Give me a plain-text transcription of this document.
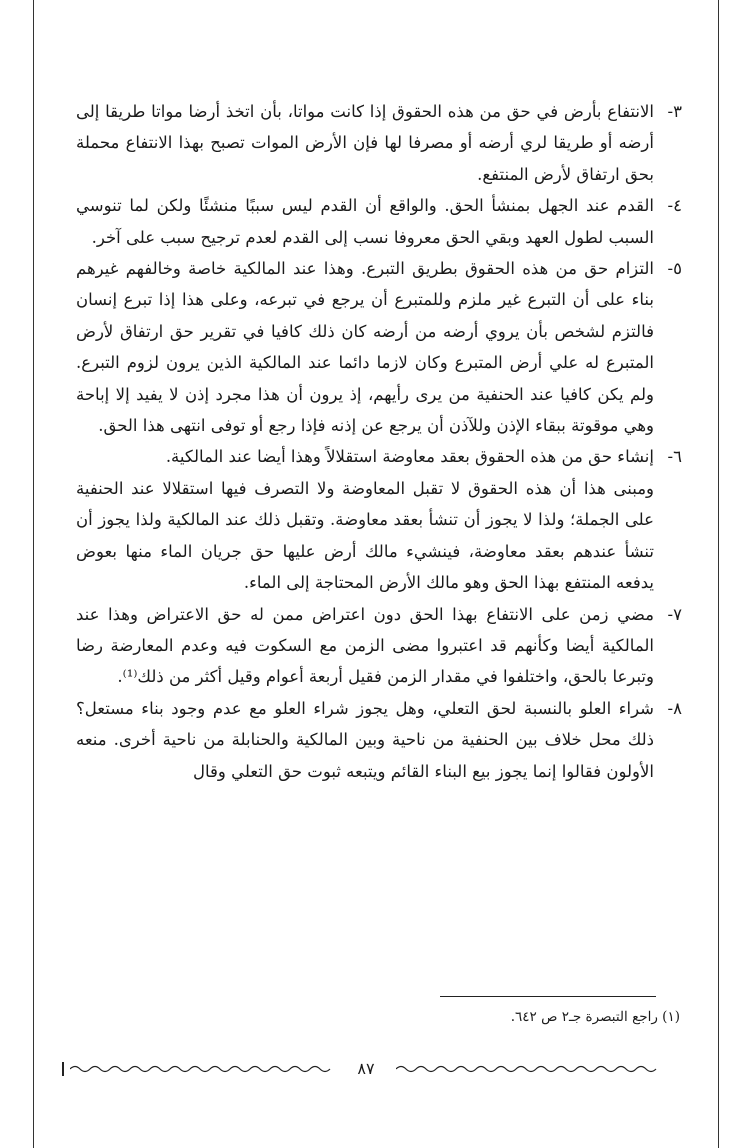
٣-
الانتفاع بأرض في حق من هذه الحقوق إذا كانت مواتا، بأن اتخذ أرضا مواتا طريقا إلى أرضه أو طريقا لري أرضه أو مصرفا لها فإن الأرض الموات تصبح بهذا الانتفاع محملة بحق ارتفاق لأرض المنتفع.

٤-
القدم عند الجهل بمنشأ الحق. والواقع أن القدم ليس سببًا منشئًا ولكن لما تنوسي السبب لطول العهد وبقي الحق معروفا نسب إلى القدم لعدم ترجيح سبب على آخر.

٥-
التزام حق من هذه الحقوق بطريق التبرع. وهذا عند المالكية خاصة وخالفهم غيرهم بناء على أن التبرع غير ملزم وللمتبرع أن يرجع في تبرعه، وعلى هذا إذا تبرع إنسان فالتزم لشخص بأن يروي أرضه من أرضه كان ذلك كافيا في تقرير حق ارتفاق لأرض المتبرع له علي أرض المتبرع وكان لازما دائما عند المالكية الذين يرون لزوم التبرع. ولم يكن كافيا عند الحنفية من يرى رأيهم، إذ يرون أن هذا مجرد إذن لا يفيد إلا إباحة وهي موقوتة ببقاء الإذن وللآذن أن يرجع عن إذنه فإذا رجع أو توفى انتهى هذا الحق.

٦-
إنشاء حق من هذه الحقوق بعقد معاوضة استقلالاً وهذا أيضا عند المالكية.

ومبنى هذا أن هذه الحقوق لا تقبل المعاوضة ولا التصرف فيها استقلالا عند الحنفية على الجملة؛ ولذا لا يجوز أن تنشأ بعقد معاوضة. وتقبل ذلك عند المالكية ولذا يجوز أن تنشأ عندهم بعقد معاوضة، فينشيء مالك أرض عليها حق جريان الماء منها بعوض يدفعه المنتفع بهذا الحق وهو مالك الأرض المحتاجة إلى الماء.

٧-
مضي زمن على الانتفاع بهذا الحق دون اعتراض ممن له حق الاعتراض وهذا عند المالكية أيضا وكأنهم قد اعتبروا مضى الزمن مع السكوت فيه وعدم المعارضة رضا وتبرعا بالحق، واختلفوا في مقدار الزمن فقيل أربعة أعوام وقيل أكثر من ذلك⁽¹⁾.

٨-
شراء العلو بالنسبة لحق التعلي، وهل يجوز شراء العلو مع عدم وجود بناء مستعل؟ ذلك محل خلاف بين الحنفية من ناحية وبين المالكية والحنابلة من ناحية أخرى. منعه الأولون فقالوا إنما يجوز بيع البناء القائم ويتبعه ثبوت حق التعلي وقال

(١) راجع التبصرة جـ٢ ص ٦٤٢.
٨٧
